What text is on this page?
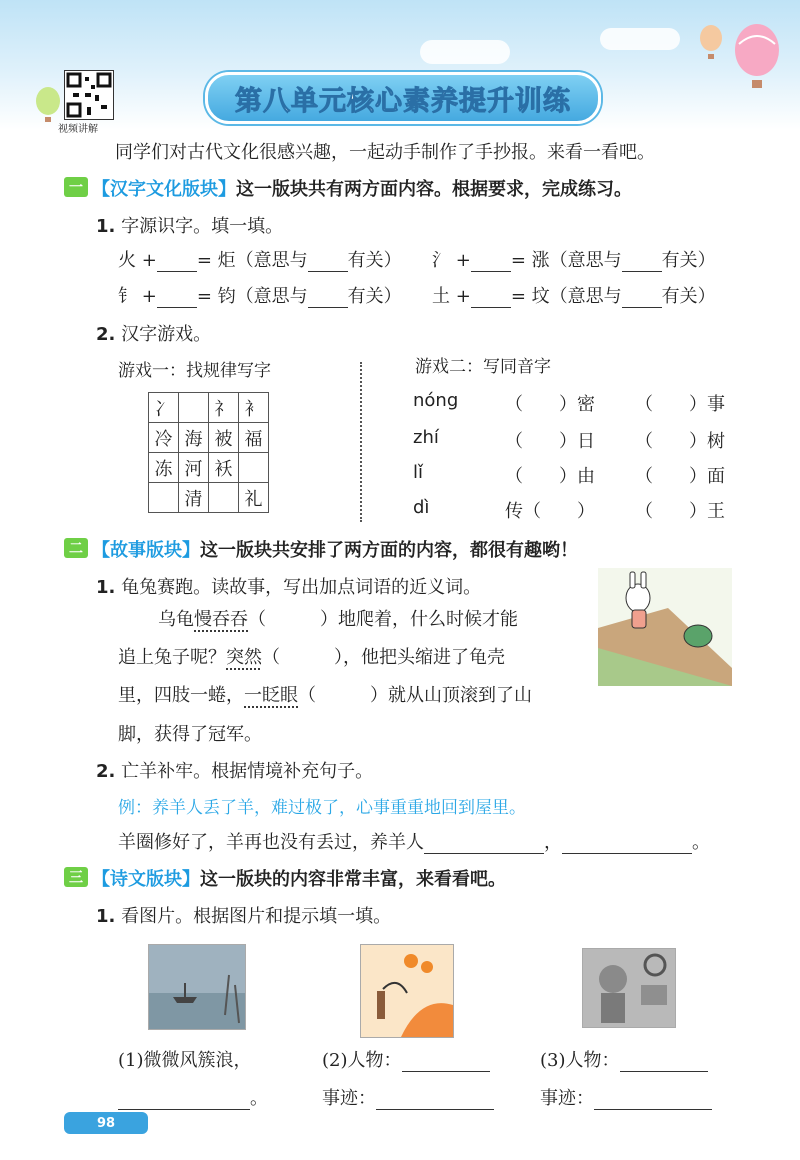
视频讲解
第八单元核心素养提升训练
同学们对古代文化很感兴趣，一起动手制作了手抄报。来看一看吧。
一 【汉字文化版块】这一版块共有两方面内容。根据要求，完成练习。
1. 字源识字。填一填。
火 + = 炬（意思与 有关） 氵 + = 涨（意思与 有关）
钅 + = 钧（意思与 有关） 土 + = 坟（意思与 有关）
2. 汉字游戏。
游戏一：找规律写字
冫		礻	衤
冷	海	被	福
冻	河	袄	
	清		礼
游戏二：写同音字
nóng	（　　）密 （　　）事
zhí	（　　）日 （　　）树
lǐ	（　　）由 （　　）面
dì	传（　　） （　　）王
二 【故事版块】这一版块共安排了两方面的内容，都很有趣哟！
1. 龟兔赛跑。读故事，写出加点词语的近义词。
乌龟慢吞吞（　　　）地爬着，什么时候才能
追上兔子呢？突然（　　　），他把头缩进了龟壳
里，四肢一蜷，一眨眼（　　　）就从山顶滚到了山
脚，获得了冠军。
2. 亡羊补牢。根据情境补充句子。
例：养羊人丢了羊，难过极了，心事重重地回到屋里。
羊圈修好了，羊再也没有丢过，养羊人	，	。
三 【诗文版块】这一版块的内容非常丰富，来看看吧。
1. 看图片。根据图片和提示填一填。
(1)微微风簇浪，
。
(2)人物：
事迹：
(3)人物：
事迹：
98
